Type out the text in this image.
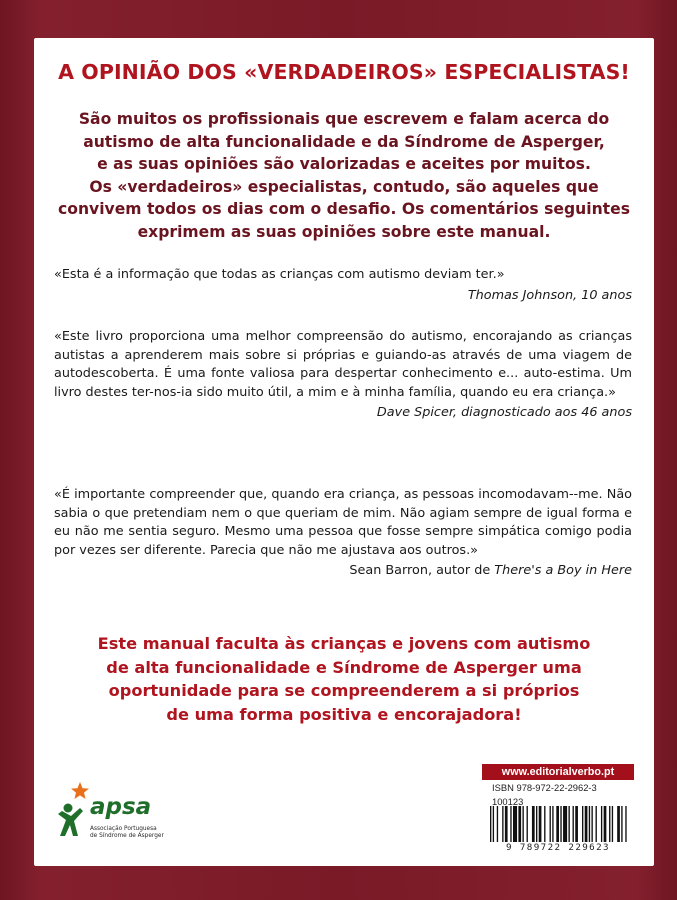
A OPINIÃO DOS «VERDADEIROS» ESPECIALISTAS!
São muitos os profissionais que escrevem e falam acerca do
autismo de alta funcionalidade e da Síndrome de Asperger,
e as suas opiniões são valorizadas e aceites por muitos.
Os «verdadeiros» especialistas, contudo, são aqueles que
convivem todos os dias com o desafio. Os comentários seguintes
exprimem as suas opiniões sobre este manual.
«Esta é a informação que todas as crianças com autismo deviam ter.»
Thomas Johnson, 10 anos
«Este livro proporciona uma melhor compreensão do autismo, encorajando as crianças autistas a aprenderem mais sobre si próprias e guiando-as através de uma viagem de autodescoberta. É uma fonte valiosa para despertar conhecimento e... auto-estima. Um livro destes ter-nos-ia sido muito útil, a mim e à minha família, quando eu era criança.»
Dave Spicer, diagnosticado aos 46 anos
«É importante compreender que, quando era criança, as pessoas incomodavam--me. Não sabia o que pretendiam nem o que queriam de mim. Não agiam sempre de igual forma e eu não me sentia seguro. Mesmo uma pessoa que fosse sempre simpática comigo podia por vezes ser diferente. Parecia que não me ajustava aos outros.»
Sean Barron, autor de There's a Boy in Here
Este manual faculta às crianças e jovens com autismo
de alta funcionalidade e Síndrome de Asperger uma
oportunidade para se compreenderem a si próprios
de uma forma positiva e encorajadora!
apsa
Associação Portuguesa
de Síndrome de Asperger
www.editorialverbo.pt
ISBN 978-972-22-2962-3
100123
9 789722 229623
